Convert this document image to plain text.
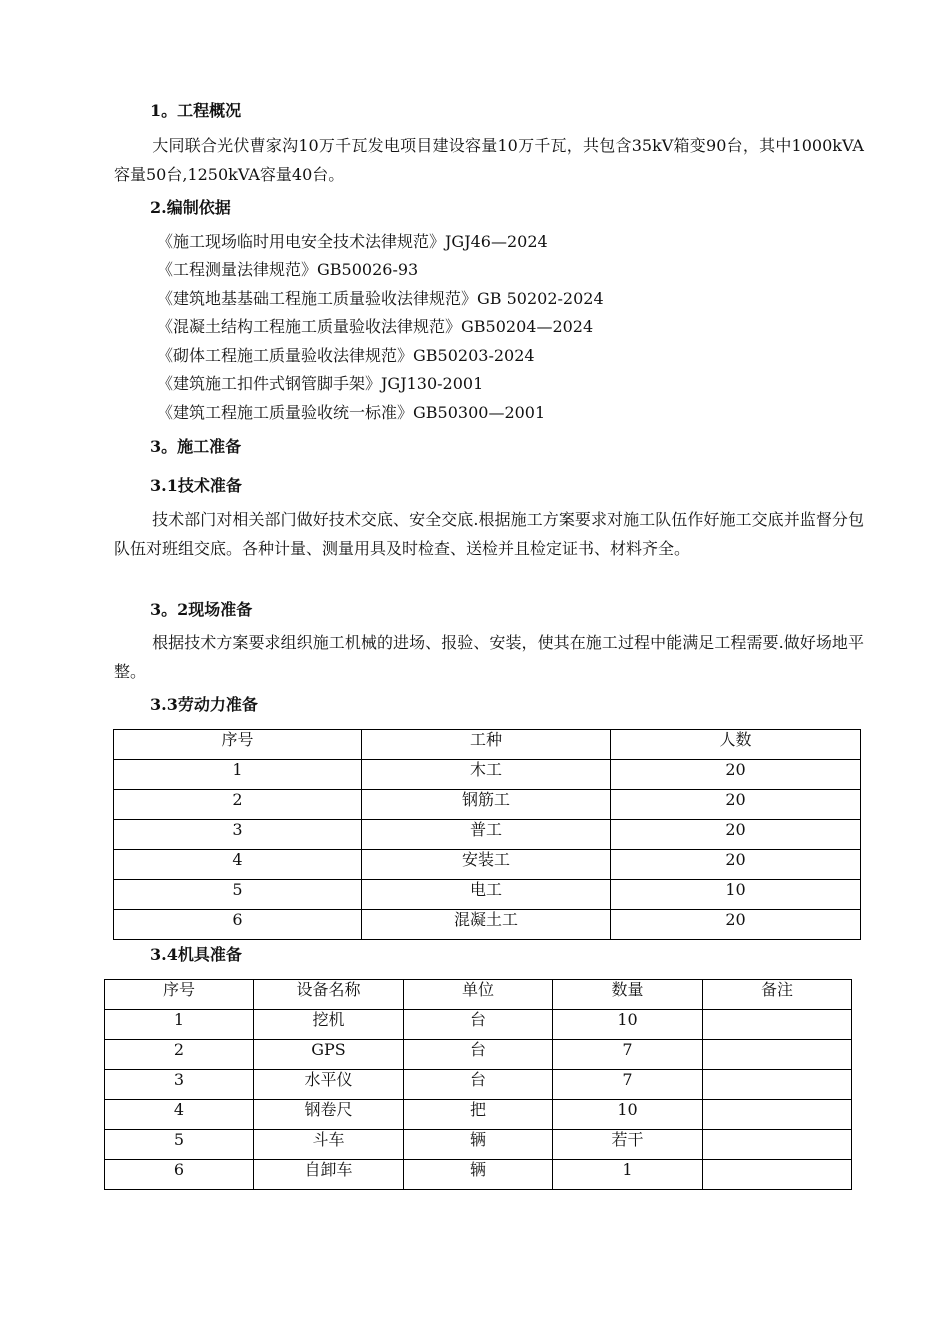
1。工程概况
大同联合光伏曹家沟10万千瓦发电项目建设容量10万千瓦，共包含35kV箱变90台，其中1000kVA容量50台,1250kVA容量40台。
2.编制依据
《施工现场临时用电安全技术法律规范》JGJ46—2024
《工程测量法律规范》GB50026-93
《建筑地基基础工程施工质量验收法律规范》GB 50202-2024
《混凝土结构工程施工质量验收法律规范》GB50204—2024
《砌体工程施工质量验收法律规范》GB50203-2024
《建筑施工扣件式钢管脚手架》JGJ130-2001
《建筑工程施工质量验收统一标准》GB50300—2001
3。施工准备
3.1技术准备
技术部门对相关部门做好技术交底、安全交底.根据施工方案要求对施工队伍作好施工交底并监督分包队伍对班组交底。各种计量、测量用具及时检查、送检并且检定证书、材料齐全。
3。2现场准备
根据技术方案要求组织施工机械的进场、报验、安装，使其在施工过程中能满足工程需要.做好场地平整。
3.3劳动力准备
序号	工种	人数
1	木工	20
2	钢筋工	20
3	普工	20
4	安装工	20
5	电工	10
6	混凝土工	20
3.4机具准备
序号	设备名称	单位	数量	备注
1	挖机	台	10	
2	GPS	台	7	
3	水平仪	台	7	
4	钢卷尺	把	10	
5	斗车	辆	若干	
6	自卸车	辆	1	
